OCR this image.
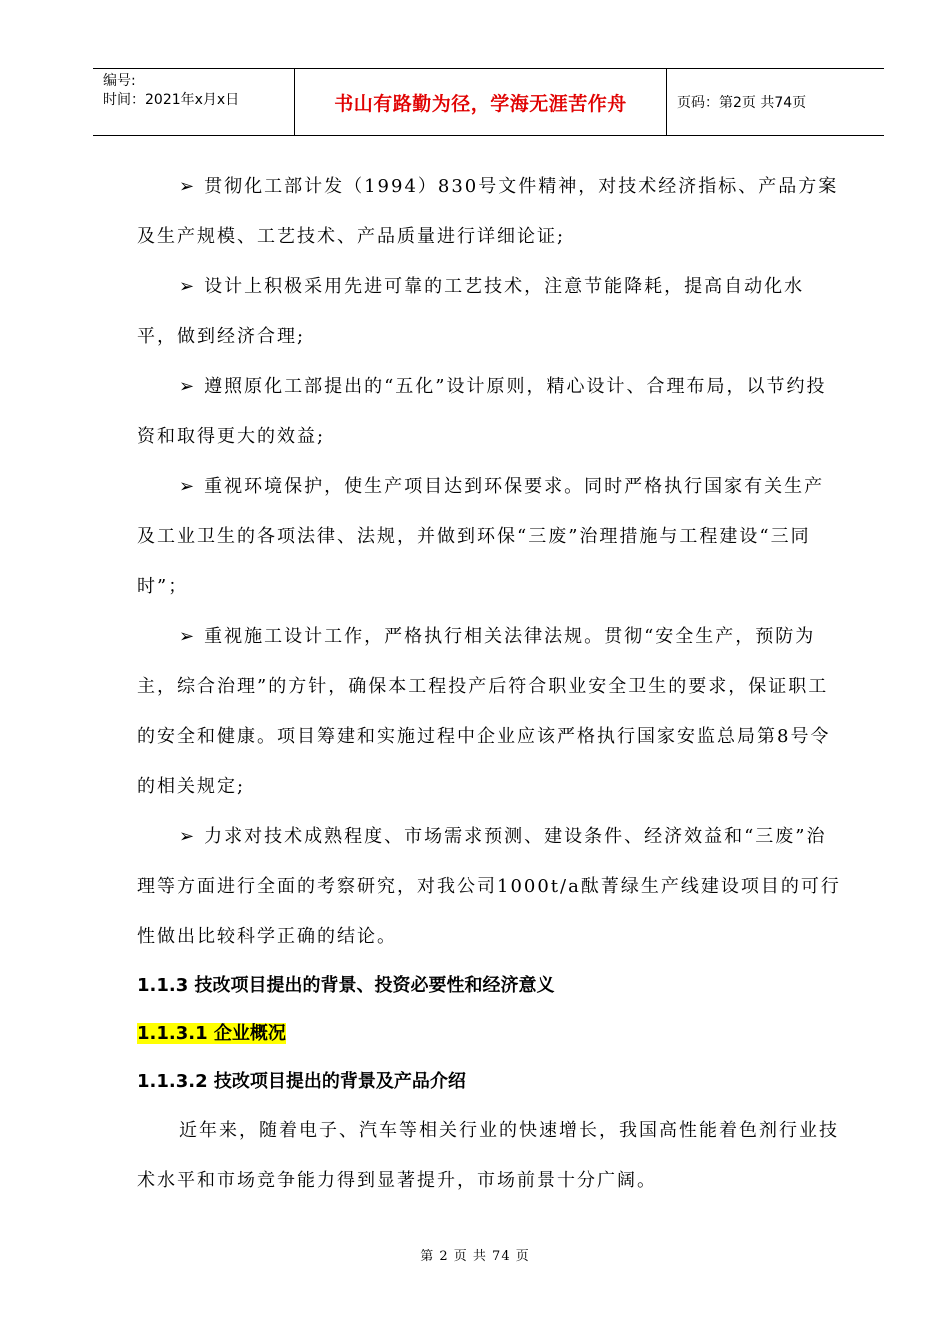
编号:
时间：2021年x月x日	书山有路勤为径，学海无涯苦作舟	页码：第2页 共74页

➢ 贯彻化工部计发（1994）830号文件精神，对技术经济指标、产品方案及生产规模、工艺技术、产品质量进行详细论证;

➢ 设计上积极采用先进可靠的工艺技术，注意节能降耗，提高自动化水平，做到经济合理;

➢ 遵照原化工部提出的“五化”设计原则，精心设计、合理布局，以节约投资和取得更大的效益;

➢ 重视环境保护，使生产项目达到环保要求。同时严格执行国家有关生产及工业卫生的各项法律、法规，并做到环保“三废”治理措施与工程建设“三同时”；

➢ 重视施工设计工作，严格执行相关法律法规。贯彻“安全生产，预防为主，综合治理”的方针，确保本工程投产后符合职业安全卫生的要求，保证职工的安全和健康。项目筹建和实施过程中企业应该严格执行国家安监总局第8号令的相关规定;

➢ 力求对技术成熟程度、市场需求预测、建设条件、经济效益和“三废”治理等方面进行全面的考察研究，对我公司1000t/a酞菁绿生产线建设项目的可行性做出比较科学正确的结论。

1.1.3 技改项目提出的背景、投资必要性和经济意义

1.1.3.1 企业概况

1.1.3.2 技改项目提出的背景及产品介绍

近年来，随着电子、汽车等相关行业的快速增长，我国高性能着色剂行业技术水平和市场竞争能力得到显著提升，市场前景十分广阔。

第 2 页 共 74 页
